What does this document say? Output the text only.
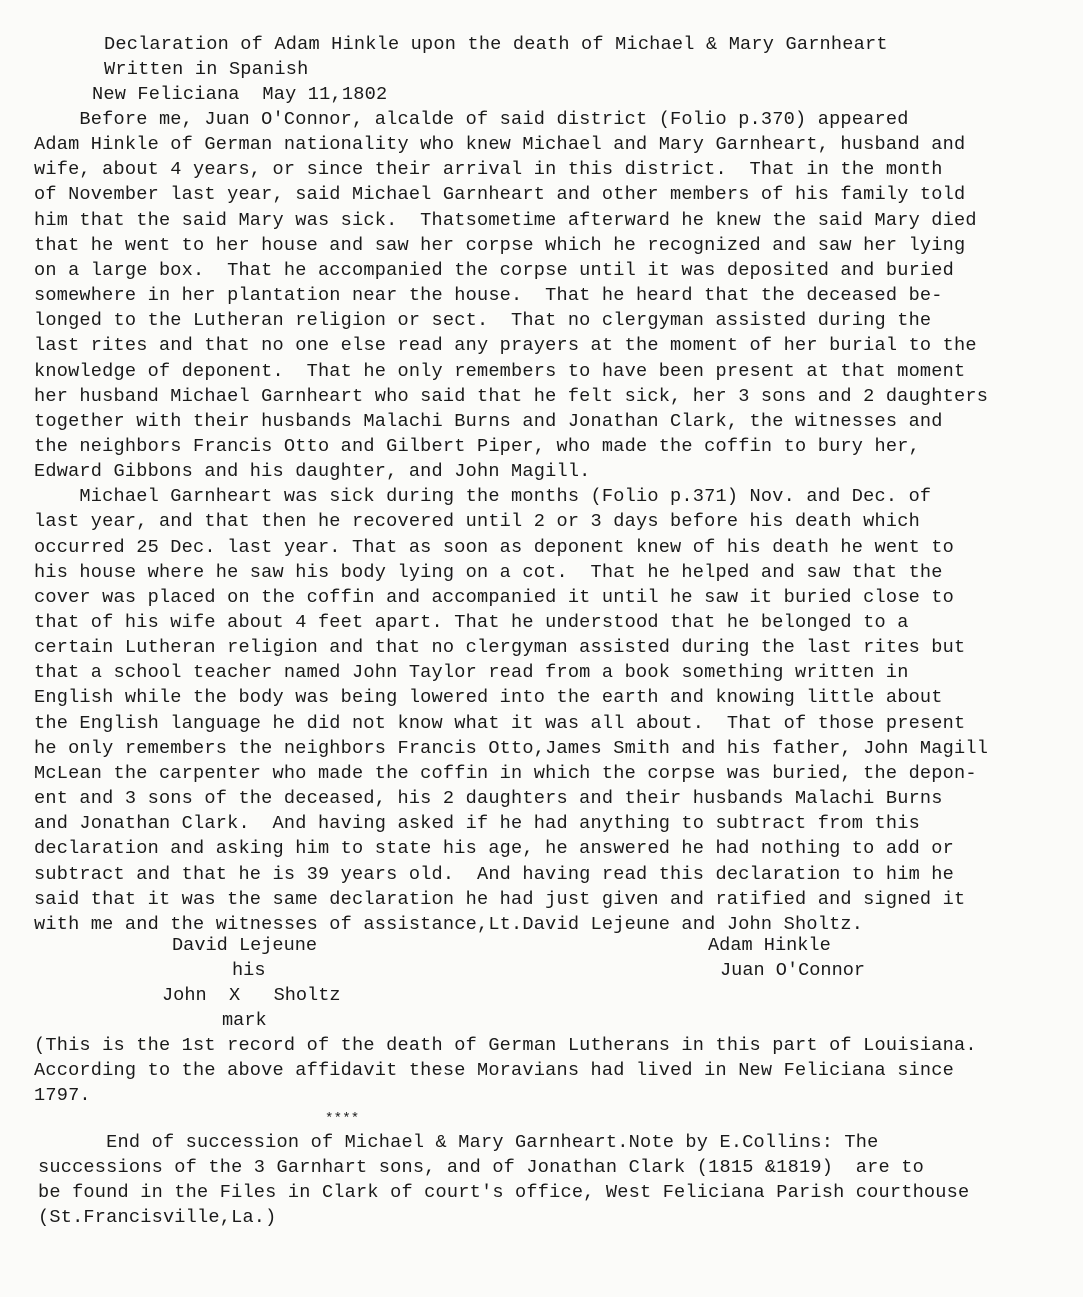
Declaration of Adam Hinkle upon the death of Michael & Mary Garnheart
Written in Spanish
New Feliciana  May 11,1802
Before me, Juan O'Connor, alcalde of said district (Folio p.370) appeared
Adam Hinkle of German nationality who knew Michael and Mary Garnheart, husband and
wife, about 4 years, or since their arrival in this district.  That in the month
of November last year, said Michael Garnheart and other members of his family told
him that the said Mary was sick.  Thatsometime afterward he knew the said Mary died
that he went to her house and saw her corpse which he recognized and saw her lying
on a large box.  That he accompanied the corpse until it was deposited and buried
somewhere in her plantation near the house.  That he heard that the deceased be-
longed to the Lutheran religion or sect.  That no clergyman assisted during the
last rites and that no one else read any prayers at the moment of her burial to the
knowledge of deponent.  That he only remembers to have been present at that moment
her husband Michael Garnheart who said that he felt sick, her 3 sons and 2 daughters
together with their husbands Malachi Burns and Jonathan Clark, the witnesses and
the neighbors Francis Otto and Gilbert Piper, who made the coffin to bury her,
Edward Gibbons and his daughter, and John Magill.
Michael Garnheart was sick during the months (Folio p.371) Nov. and Dec. of
last year, and that then he recovered until 2 or 3 days before his death which
occurred 25 Dec. last year. That as soon as deponent knew of his death he went to
his house where he saw his body lying on a cot.  That he helped and saw that the
cover was placed on the coffin and accompanied it until he saw it buried close to
that of his wife about 4 feet apart. That he understood that he belonged to a
certain Lutheran religion and that no clergyman assisted during the last rites but
that a school teacher named John Taylor read from a book something written in
English while the body was being lowered into the earth and knowing little about
the English language he did not know what it was all about.  That of those present
he only remembers the neighbors Francis Otto,James Smith and his father, John Magill
McLean the carpenter who made the coffin in which the corpse was buried, the depon-
ent and 3 sons of the deceased, his 2 daughters and their husbands Malachi Burns
and Jonathan Clark.  And having asked if he had anything to subtract from this
declaration and asking him to state his age, he answered he had nothing to add or
subtract and that he is 39 years old.  And having read this declaration to him he
said that it was the same declaration he had just given and ratified and signed it
with me and the witnesses of assistance,Lt.David Lejeune and John Sholtz.
David Lejeune
his
John  X   Sholtz
mark
Adam Hinkle
Juan O'Connor
(This is the 1st record of the death of German Lutherans in this part of Louisiana.
According to the above affidavit these Moravians had lived in New Feliciana since
1797.
****
End of succession of Michael & Mary Garnheart.Note by E.Collins: The
successions of the 3 Garnhart sons, and of Jonathan Clark (1815 &1819)  are to
be found in the Files in Clark of court's office, West Feliciana Parish courthouse
(St.Francisville,La.)
